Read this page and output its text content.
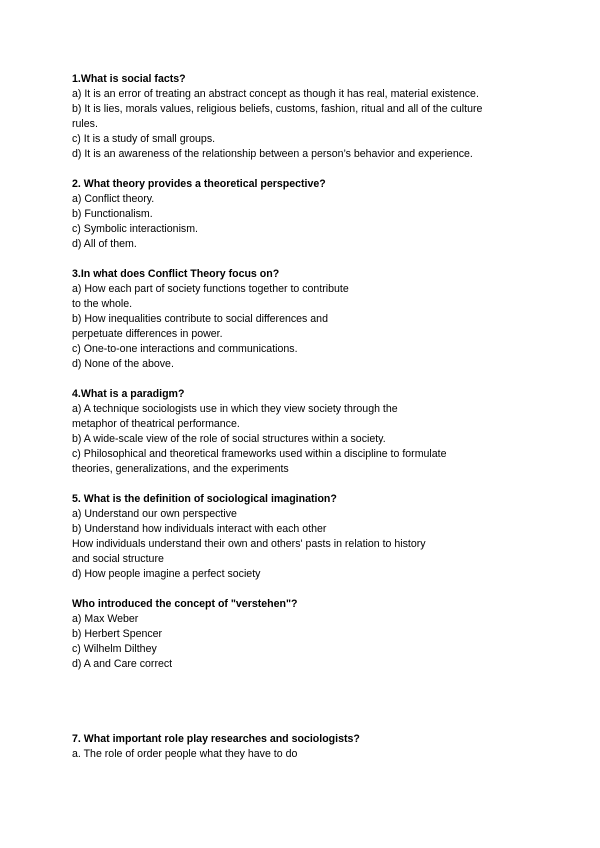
1.What is social facts?
a) It is an error of treating an abstract concept as though it has real, material existence.
b) It is lies, morals values, religious beliefs, customs, fashion, ritual and all of the culture
rules.
c) It is a study of small groups.
d) It is an awareness of the relationship between a person’s behavior and experience.
2. What theory provides a theoretical perspective?
a) Conflict theory.
b) Functionalism.
c) Symbolic interactionism.
d) All of them.
3.In what does Conflict Theory focus on?
a) How each part of society functions together to contribute
to the whole.
b) How inequalities contribute to social differences and
perpetuate differences in power.
c) One-to-one interactions and communications.
d) None of the above.
4.What is a paradigm?
a) A technique sociologists use in which they view society through the
metaphor of theatrical performance.
b) A wide-scale view of the role of social structures within a society.
c) Philosophical and theoretical frameworks used within a discipline to formulate
theories, generalizations, and the experiments
5. What is the definition of sociological imagination?
a) Understand our own perspective
b) Understand how individuals interact with each other
How individuals understand their own and others' pasts in relation to history
and social structure
d) How people imagine a perfect society
Who introduced the concept of "verstehen"?
a) Max Weber
b) Herbert Spencer
c) Wilhelm Dilthey
d) A and Care correct
7. What important role play researches and sociologists?
a. The role of order people what they have to do
